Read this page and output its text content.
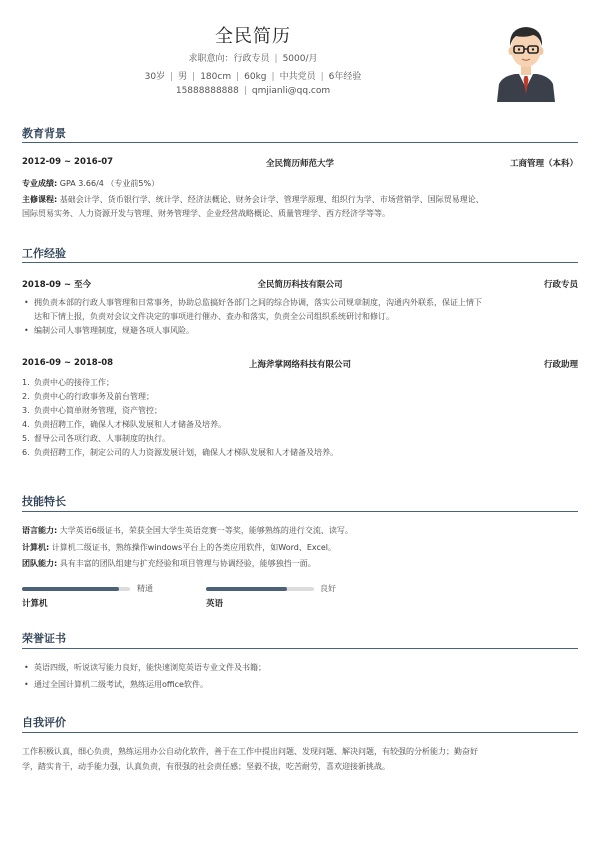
全民简历
求职意向：行政专员 | 5000/月
30岁 | 男 | 180cm | 60kg | 中共党员 | 6年经验
15888888888 | qmjianli@qq.com
教育背景
2012-09 ~ 2016-07	全民简历师范大学	工商管理（本科）
专业成绩: GPA 3.66/4 （专业前5%）
主修课程: 基础会计学、货币银行学、统计学、经济法概论、财务会计学、管理学原理、组织行为学、市场营销学、国际贸易理论、
国际贸易实务、人力资源开发与管理、财务管理学、企业经营战略概论、质量管理学、西方经济学等等。
工作经验
2018-09 ~ 至今	全民简历科技有限公司	行政专员
• 拥负责本部的行政人事管理和日常事务，协助总监搞好各部门之间的综合协调，落实公司规章制度，沟通内外联系，保证上情下
达和下情上报，负责对会议文件决定的事项进行催办、查办和落实，负责全公司组织系统研讨和修订。
• 编制公司人事管理制度，规避各项人事风险。
2016-09 ~ 2018-08	上海斧掌网络科技有限公司	行政助理
1. 负责中心的接待工作；
2. 负责中心的行政事务及前台管理；
3. 负责中心简单财务管理，资产管控；
4. 负责招聘工作，确保人才梯队发展和人才储备及培养。
5. 督导公司各项行政、人事制度的执行。
6. 负责招聘工作，制定公司的人力资源发展计划，确保人才梯队发展和人才储备及培养。
技能特长
语言能力: 大学英语6级证书，荣获全国大学生英语竞赛一等奖，能够熟练的进行交流、读写。
计算机: 计算机二级证书，熟练操作windows平台上的各类应用软件，如Word、Excel。
团队能力: 具有丰富的团队组建与扩充经验和项目管理与协调经验，能够独挡一面。
精通
计算机
良好
英语
荣誉证书
• 英语四级，听说读写能力良好，能快速浏览英语专业文件及书籍；
• 通过全国计算机二级考试，熟练运用office软件。
自我评价
工作积极认真，细心负责，熟练运用办公自动化软件，善于在工作中提出问题、发现问题、解决问题，有较强的分析能力；勤奋好
学，踏实肯干，动手能力强，认真负责，有很强的社会责任感；坚毅不拔，吃苦耐劳，喜欢迎接新挑战。
